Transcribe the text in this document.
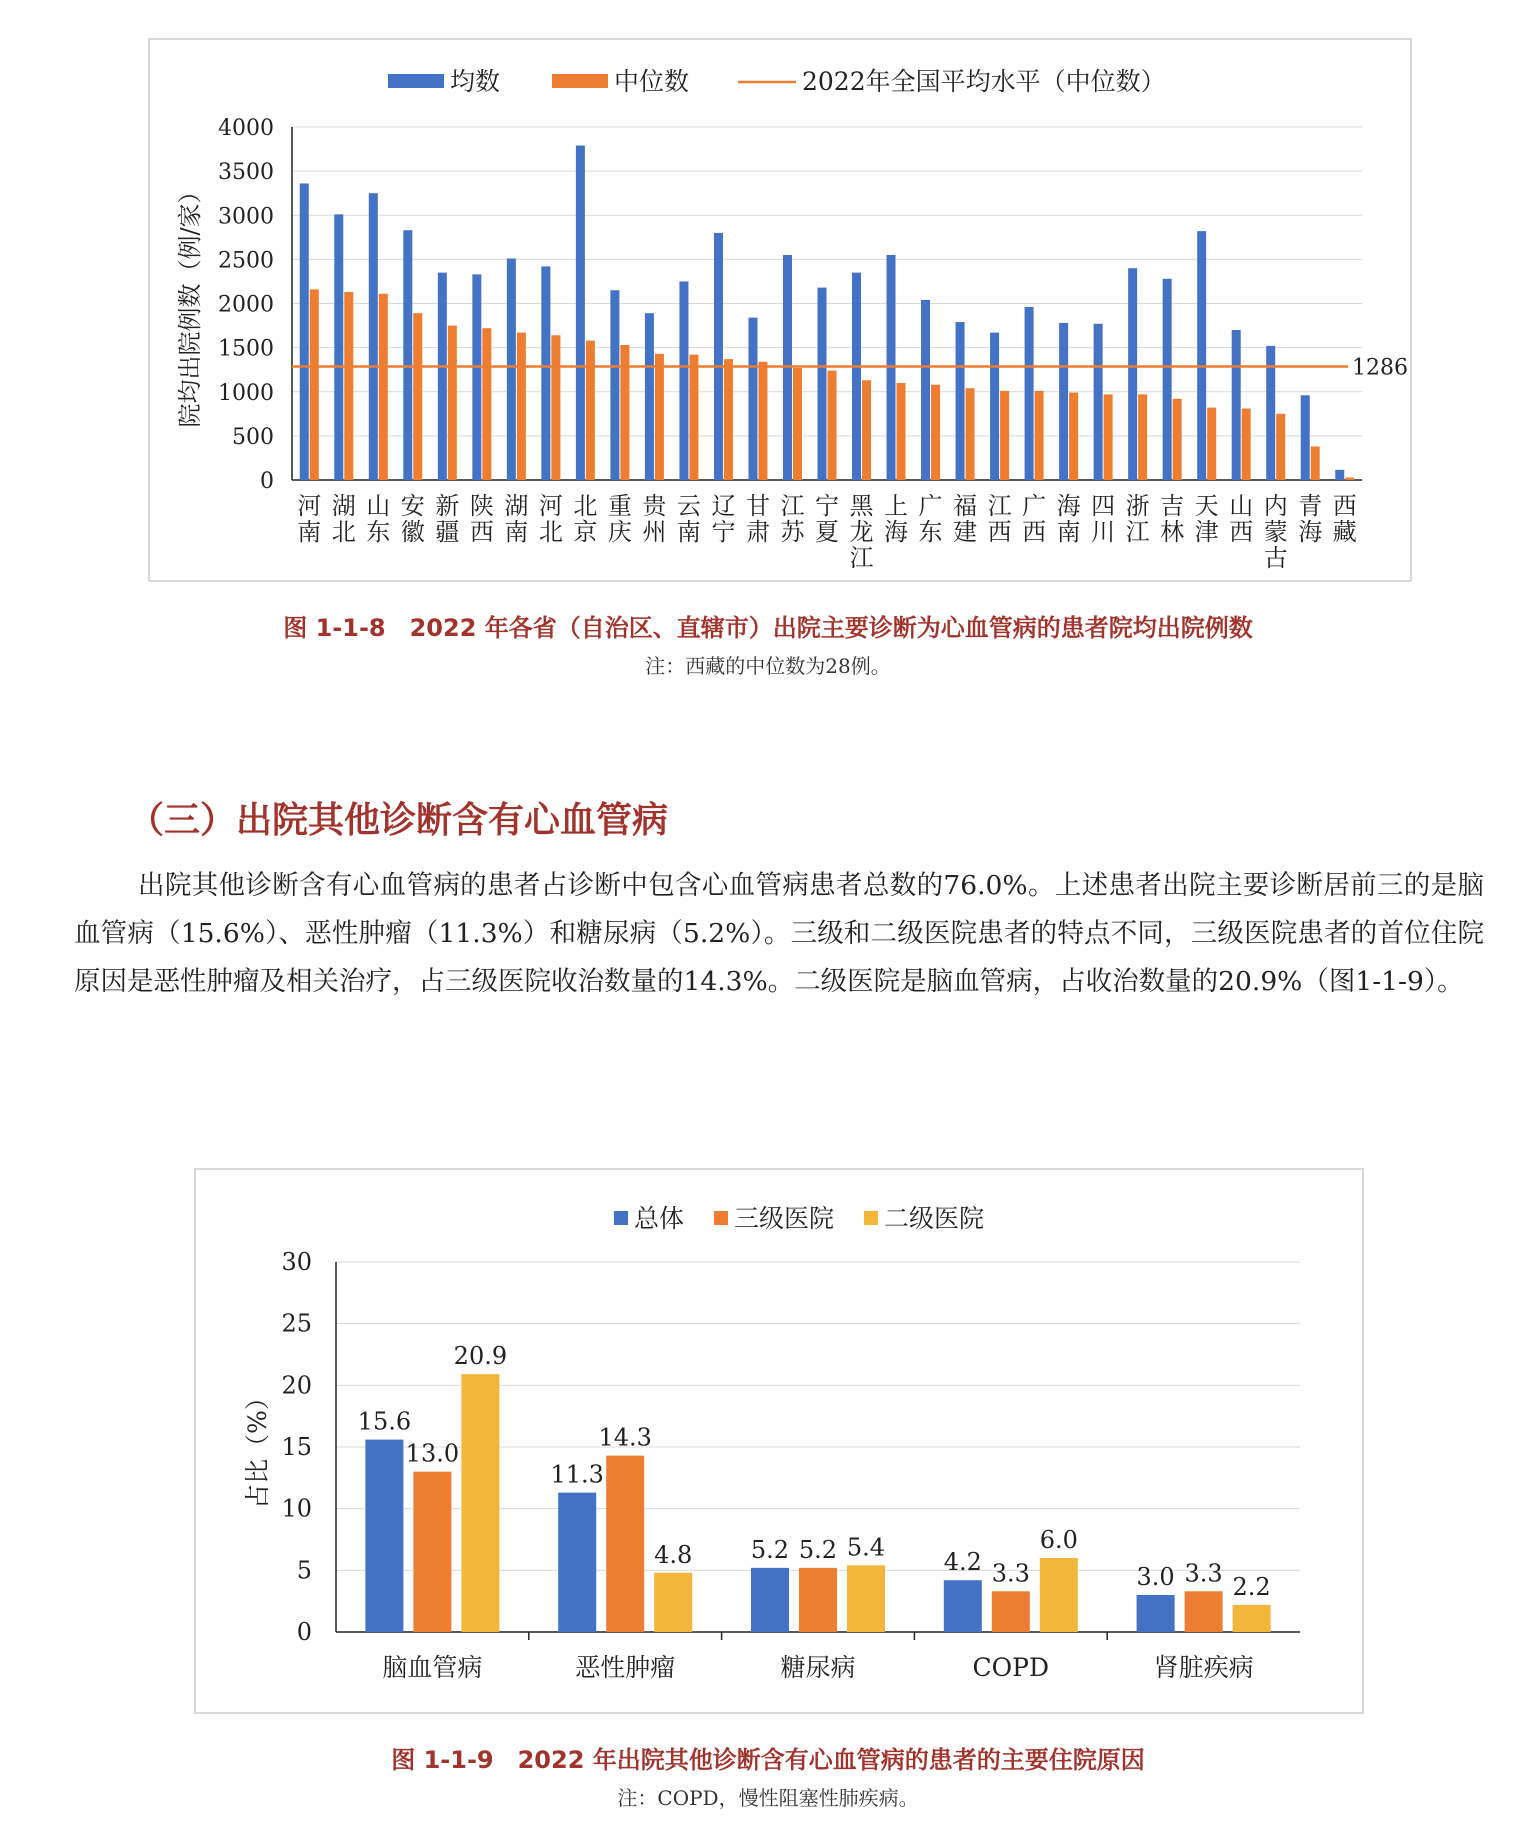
0
500
1000
1500
2000
2500
3000
3500
4000
河
南
湖
北
山
东
安
徽
新
疆
陕
西
湖
南
河
北
北
京
重
庆
贵
州
云
南
辽
宁
甘
肃
江
苏
宁
夏
黑
龙
江
上
海
广
东
福
建
江
西
广
西
海
南
四
川
浙
江
吉
林
天
津
山
西
内
蒙
古
青
海
西
藏
1286
院均出院例数（例/家）
均数	中位数	2022年全国平均水平（中位数）
图 1-1-8　2022 年各省（自治区、直辖市）出院主要诊断为心血管病的患者院均出院例数
注：西藏的中位数为28例。
（三）出院其他诊断含有心血管病
出院其他诊断含有心血管病的患者占诊断中包含心血管病患者总数的76.0%。上述患者出院主要诊断居前三的是脑血管病（15.6%）、恶性肿瘤（11.3%）和糖尿病（5.2%）。三级和二级医院患者的特点不同，三级医院患者的首位住院原因是恶性肿瘤及相关治疗，占三级医院收治数量的14.3%。二级医院是脑血管病，占收治数量的20.9%（图1-1-9）。
0
5
10
15
20
25
30
15.6
13.0
20.9
脑血管病
11.3
14.3
4.8
恶性肿瘤
5.2 5.2 5.4
糖尿病
4.2 3.3
6.0
COPD
3.0 3.3 2.2
肾脏疾病
占比（%）
总体 三级医院 二级医院
图 1-1-9　2022 年出院其他诊断含有心血管病的患者的主要住院原因
注：COPD，慢性阻塞性肺疾病。
